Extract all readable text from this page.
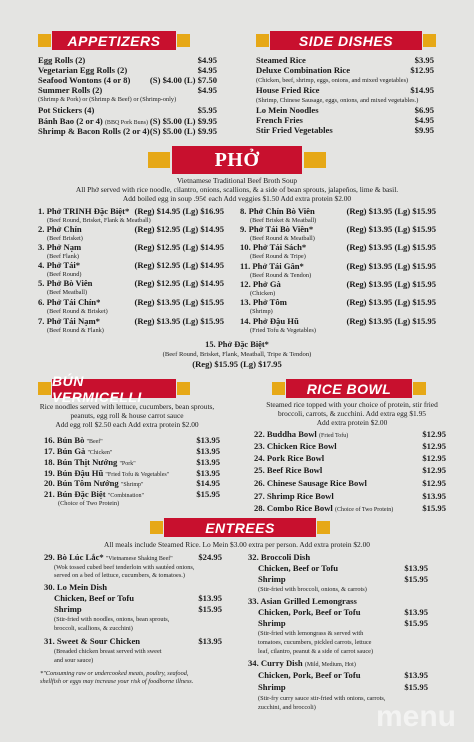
APPETIZERS	SIDE DISHES
Egg Rolls (2)	$4.95
Vegetarian Egg Rolls (2)	$4.95
Seafood Wontons (4 or 8) (S) $4.00 (L) $7.50
Summer Rolls (2)	$4.95
(Shrimp & Pork) or (Shrimp & Beef) or (Shrimp-only)
Pot Stickers (4)	$5.95
Bánh Bao (2 or 4) (BBQ Pork Buns) (S) $5.00 (L) $9.95
Shrimp & Bacon Rolls (2 or 4) (S) $5.00 (L) $9.95
Steamed Rice	$3.95
Deluxe Combination Rice	$12.95
(Chicken, beef, shrimp, eggs, onions, and mixed vegetables)
House Fried Rice	$14.95
(Shrimp, Chinese Sausage, eggs, onions, and mixed vegetables.)
Lo Mein Noodles	$6.95
French Fries	$4.95
Stir Fried Vegetables	$9.95
PHỞ
Vietnamese Traditional Beef Broth Soup
All Phở served with rice noodle, cilantro, onions, scallions, & a side of bean sprouts, jalapeños, lime & basil.
Add boiled egg in soup .95¢ each Add veggies $1.50 Add extra protein $2.00
1. Phở TRINH Đặc Biệt* (Reg) $14.95 (Lg) $16.95
(Beef Round, Brisket, Flank & Meatball)
2. Phở Chín	(Reg) $12.95 (Lg) $14.95
(Beef Brisket)
3. Phở Nạm	(Reg) $12.95 (Lg) $14.95
(Beef Flank)
4. Phở Tái*	(Reg) $12.95 (Lg) $14.95
(Beef Round)
5. Phở Bò Viên	(Reg) $12.95 (Lg) $14.95
(Beef Meatball)
6. Phở Tái Chín*	(Reg) $13.95 (Lg) $15.95
(Beef Round & Brisket)
7. Phở Tái Nạm*	(Reg) $13.95 (Lg) $15.95
(Beef Round & Flank)
8. Phở Chín Bò Viên	(Reg) $13.95 (Lg) $15.95
(Beef Brisket & Meatball)
9. Phở Tái Bò Viên*	(Reg) $13.95 (Lg) $15.95
(Beef Round & Meatball)
10. Phở Tái Sách*	(Reg) $13.95 (Lg) $15.95
(Beef Round & Tripe)
11. Phở Tái Gân*	(Reg) $13.95 (Lg) $15.95
(Beef Round & Tendon)
12. Phở Gà	(Reg) $13.95 (Lg) $15.95
(Chicken)
13. Phở Tôm	(Reg) $13.95 (Lg) $15.95
(Shrimp)
14. Phở Đậu Hũ	(Reg) $13.95 (Lg) $15.95
(Fried Tofu & Vegetables)
15. Phở Đặc Biệt*
(Beef Round, Brisket, Flank, Meatball, Tripe & Tendon)
(Reg) $15.95 (Lg) $17.95
BÚN VERMICELLI	RICE BOWL
Rice noodles served with lettuce, cucumbers, bean sprouts,
peanuts, egg roll & house carrot sauce
Add egg roll $2.50 each Add extra protein $2.00
16. Bún Bò "Beef"	$13.95
17. Bún Gà "Chicken"	$13.95
18. Bún Thịt Nướng "Pork"	$13.95
19. Bún Đậu Hũ "Fried Tofu & Vegetables"	$13.95
20. Bún Tôm Nướng "Shrimp"	$14.95
21. Bún Đặc Biệt "Combination"	$15.95
(Choice of Two Protein)
Steamed rice topped with your choice of protein, stir fried
broccoli, carrots, & zucchini. Add extra egg $1.95
Add extra protein $2.00
22. Buddha Bowl (Fried Tofu)	$12.95
23. Chicken Rice Bowl	$12.95
24. Pork Rice Bowl	$12.95
25. Beef Rice Bowl	$12.95
26. Chinese Sausage Rice Bowl	$12.95
27. Shrimp Rice Bowl	$13.95
28. Combo Rice Bowl (Choice of Two Protein)	$15.95
ENTREES
All meals include Steamed Rice. Lo Mein $3.00 extra per person. Add extra protein $2.00
29. Bò Lúc Lắc* "Vietnamese Shaking Beef"	$24.95
(Wok tossed cubed beef tenderloin with sautéed onions,
served on a bed of lettuce, cucumbers, & tomatoes.)
30. Lo Mein Dish
Chicken, Beef or Tofu	$13.95
Shrimp	$15.95
(Stir-fried with noodles, onions, bean sprouts,
broccoli, scallions, & zucchini)
31. Sweet & Sour Chicken	$13.95
(Breaded chicken breast served with sweet
and sour sauce)
*"Consuming raw or undercooked meats, poultry, seafood,
shellfish or eggs may increase your risk of foodborne illness.
32. Broccoli Dish
Chicken, Beef or Tofu	$13.95
Shrimp	$15.95
(Stir-fried with broccoli, onions, & carrots)
33. Asian Grilled Lemongrass
Chicken, Pork, Beef or Tofu	$13.95
Shrimp	$15.95
(Stir-fried with lemongrass & served with
tomatoes, cucumbers, pickled carrots, lettuce
leaf, cilantro, peanut & a side of carrot sauce)
34. Curry Dish (Mild, Medium, Hot)
Chicken, Pork, Beef or Tofu	$13.95
Shrimp	$15.95
(Stir-fry curry sauce stir-fried with onions, carrots,
zucchini, and broccoli) menu
